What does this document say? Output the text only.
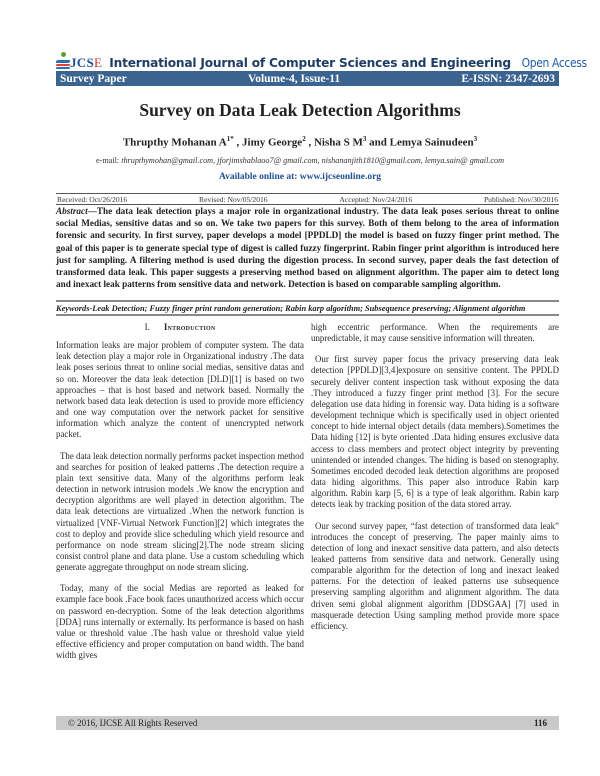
JCSE International Journal of Computer Sciences and Engineering Open Access
Survey Paper	Volume-4, Issue-11	E-ISSN: 2347-2693
Survey on Data Leak Detection Algorithms
Thrupthy Mohanan $A^{1*}$ , Jimy George$^2$ , Nisha S $M^3$ and Lemya Sainudeen$^3$
e-mail: thrupthymohan@gmail.com, jforjimshablaoo7@ gmail.com, nishananjith1810@gmail.com, lemya.sain@ gmail.com
Available online at: www.ijcseonline.org
Received: Oct/26/2016	Revised: Nov/05/2016	Accepted: Nov/24/2016	Published: Nov/30/2016
Abstract—The data leak detection plays a major role in organizational industry. The data leak poses serious threat to online social Medias, sensitive datas and so on. We take two papers for this survey. Both of them belong to the area of information forensic and security. In first survey, paper develops a model [PPDLD] the model is based on fuzzy finger print method. The goal of this paper is to generate special type of digest is called fuzzy fingerprint. Rabin finger print algorithm is introduced here just for sampling. A filtering method is used during the digestion process. In second survey, paper deals the fast detection of transformed data leak. This paper suggests a preserving method based on alignment algorithm. The paper aim to detect long and inexact leak patterns from sensitive data and network. Detection is based on comparable sampling algorithm.
Keywords-Leak Detection; Fuzzy finger print random generation; Rabin karp algorithm; Subsequence preserving; Alignment algorithm
I. Introduction

Information leaks are major problem of computer system. The data leak detection play a major role in Organizational industry .The data leak poses serious threat to online social medias, sensitive datas and so on. Moreover the data leak detection [DLD][1] is based on two approaches – that is host based and network based. Normally the network based data leak detection is used to provide more efficiency and one way computation over the network packet for sensitive information which analyze the content of unencrypted network packet.

The data leak detection normally performs packet inspection method and searches for position of leaked patterns .The detection require a plain text sensitive data. Many of the algorithms perform leak detection in network intrusion models .We know the encryption and decryption algorithms are well played in detection algorithm. The data leak detections are virtualized .When the network function is virtualized [VNF-Virtual Network Function][2] which integrates the cost to deploy and provide slice scheduling which yield resource and performance on node stream slicing[2].The node stream slicing consist control plane and data plane. Use a custom scheduling which generate aggregate throughput on node stream slicing.

Today, many of the social Medias are reported as leaked for example face book .Face book faces unauthorized access which occur on password en-decryption. Some of the leak detection algorithms [DDA] runs internally or externally. Its performance is based on hash value or threshold value .The hash value or threshold value yield effective efficiency and proper computation on band width. The band width gives

high eccentric performance. When the requirements are unpredictable, it may cause sensitive information will threaten.

Our first survey paper focus the privacy preserving data leak detection [PPDLD][3,4]exposure on sensitive content. The PPDLD securely deliver content inspection task without exposing the data .They introduced a fuzzy finger print method [3]. For the secure delegation use data hiding in forensic way. Data hiding is a software development technique which is specifically used in object oriented concept to hide internal object details (data members).Sometimes the Data hiding [12] is byte oriented .Data hiding ensures exclusive data access to class members and protect object integrity by preventing unintended or intended changes. The hiding is based on stenography. Sometimes encoded decoded leak detection algorithms are proposed data hiding algorithms. This paper also introduce Rabin karp algorithm. Rabin karp [5, 6] is a type of leak algorithm. Rabin karp detects leak by tracking position of the data stored array.

Our second survey paper, “fast detection of transformed data leak” introduces the concept of preserving. The paper mainly aims to detection of long and inexact sensitive data pattern, and also detects leaked patterns from sensitive data and network. Generally using comparable algorithm for the detection of long and inexact leaked patterns. For the detection of leaked patterns use subsequence preserving sampling algorithm and alignment algorithm. The data driven semi global alignment algorithm [DDSGAA] [7] used in masquerade detection Using sampling method provide more space efficiency.

© 2016, IJCSE All Rights Reserved	116
